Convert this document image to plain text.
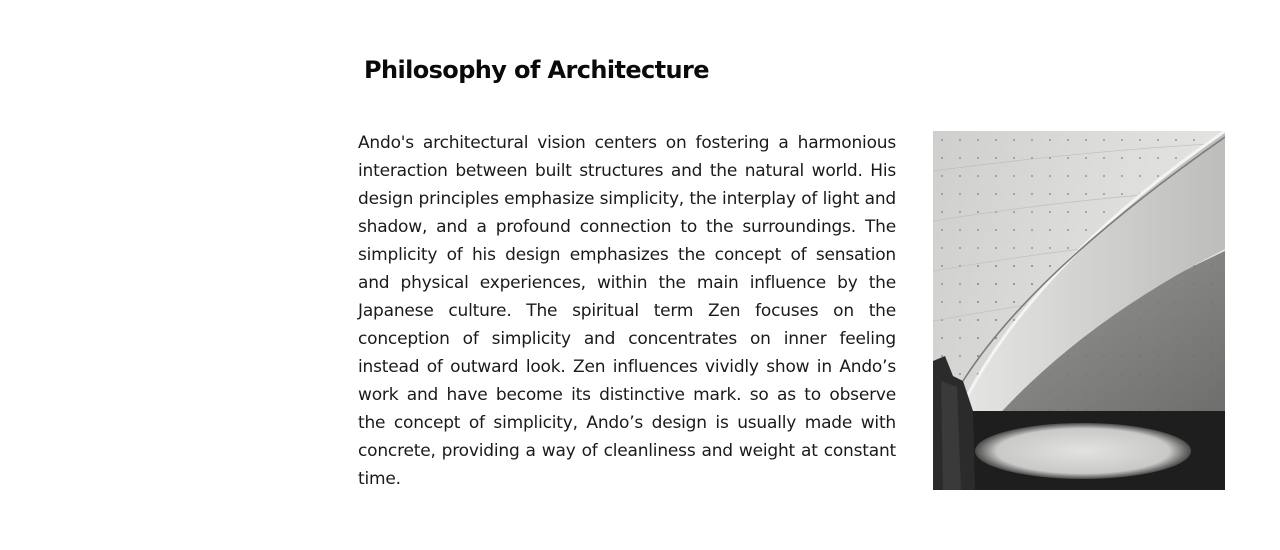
Philosophy of Architecture

Ando's architectural vision centers on fostering a harmonious interaction between built structures and the natural world. His design principles emphasize simplicity, the interplay of light and shadow, and a profound connection to the surroundings. The simplicity of his design emphasizes the concept of sensation and physical experiences, within the main influence by the Japanese culture. The spiritual term Zen focuses on the conception of simplicity and concentrates on inner feeling instead of outward look. Zen influences vividly show in Ando’s work and have become its distinctive mark. so as to observe the concept of simplicity, Ando’s design is usually made with concrete, providing a way of cleanliness and weight at constant time.
